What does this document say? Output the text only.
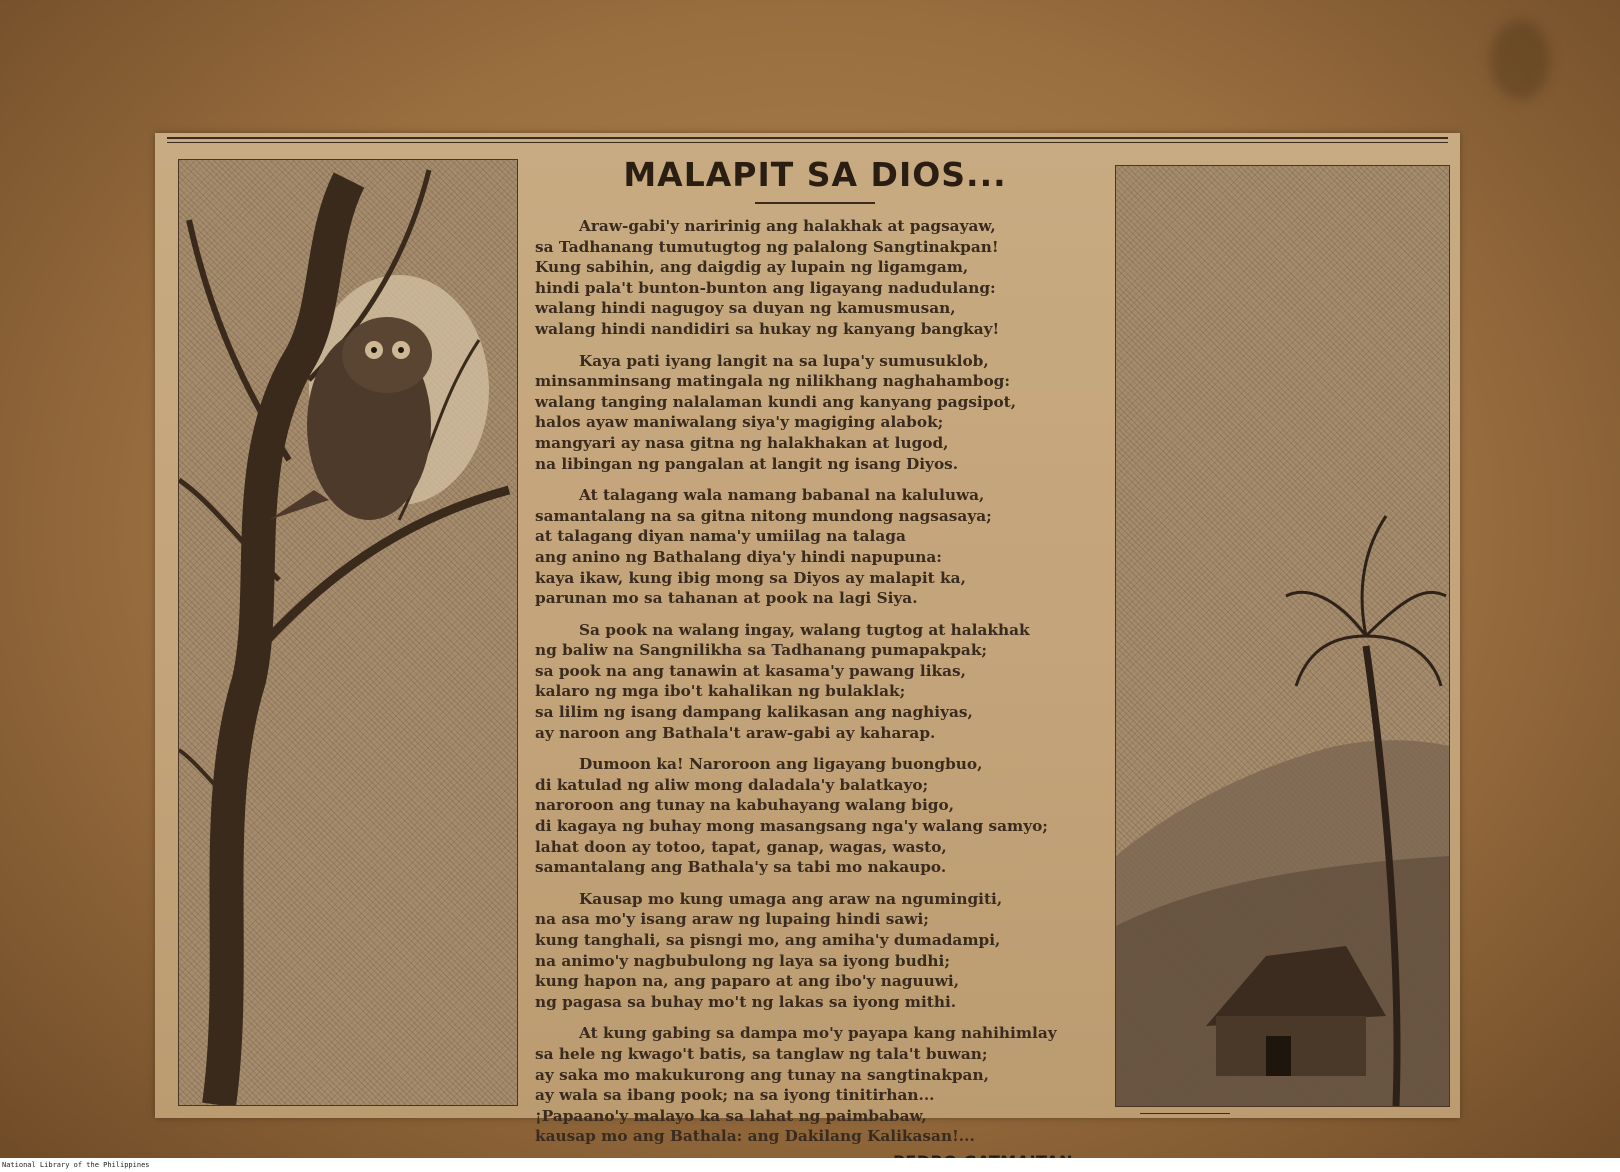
MALAPIT SA DIOS...
Araw-gabi'y naririnig ang halakhak at pagsayaw,
sa Tadhanang tumutugtog ng palalong Sangtinakpan!
Kung sabihin, ang daigdig ay lupain ng ligamgam,
hindi pala't bunton-bunton ang ligayang nadudulang:
walang hindi nagugoy sa duyan ng kamusmusan,
walang hindi nandidiri sa hukay ng kanyang bangkay!
Kaya pati iyang langit na sa lupa'y sumusuklob,
minsanminsang matingala ng nilikhang naghahambog:
walang tanging nalalaman kundi ang kanyang pagsipot,
halos ayaw maniwalang siya'y magiging alabok;
mangyari ay nasa gitna ng halakhakan at lugod,
na libingan ng pangalan at langit ng isang Diyos.
At talagang wala namang babanal na kaluluwa,
samantalang na sa gitna nitong mundong nagsasaya;
at talagang diyan nama'y umiilag na talaga
ang anino ng Bathalang diya'y hindi napupuna:
kaya ikaw, kung ibig mong sa Diyos ay malapit ka,
parunan mo sa tahanan at pook na lagi Siya.
Sa pook na walang ingay, walang tugtog at halakhak
ng baliw na Sangnilikha sa Tadhanang pumapakpak;
sa pook na ang tanawin at kasama'y pawang likas,
kalaro ng mga ibo't kahalikan ng bulaklak;
sa lilim ng isang dampang kalikasan ang naghiyas,
ay naroon ang Bathala't araw-gabi ay kaharap.
Dumoon ka! Naroroon ang ligayang buongbuo,
di katulad ng aliw mong daladala'y balatkayo;
naroroon ang tunay na kabuhayang walang bigo,
di kagaya ng buhay mong masangsang nga'y walang samyo;
lahat doon ay totoo, tapat, ganap, wagas, wasto,
samantalang ang Bathala'y sa tabi mo nakaupo.
Kausap mo kung umaga ang araw na ngumingiti,
na asa mo'y isang araw ng lupaing hindi sawi;
kung tanghali, sa pisngi mo, ang amiha'y dumadampi,
na animo'y nagbubulong ng laya sa iyong budhi;
kung hapon na, ang paparo at ang ibo'y naguuwi,
ng pagasa sa buhay mo't ng lakas sa iyong mithi.
At kung gabing sa dampa mo'y payapa kang nahihimlay
sa hele ng kwago't batis, sa tanglaw ng tala't buwan;
ay saka mo makukurong ang tunay na sangtinakpan,
ay wala sa ibang pook; na sa iyong tinitirhan...
¡Papaano'y malayo ka sa lahat ng paimbabaw,
kausap mo ang Bathala: ang Dakilang Kalikasan!...
National Library of the Philippines
